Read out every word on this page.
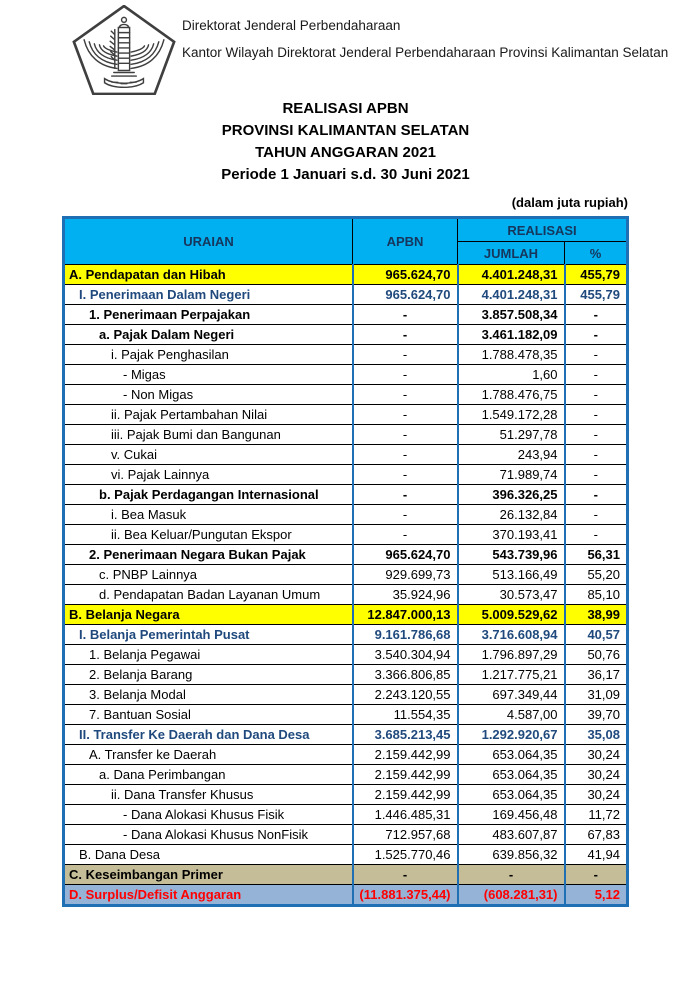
Direktorat Jenderal Perbendaharaan

Kantor Wilayah Direktorat Jenderal Perbendaharaan Provinsi Kalimantan Selatan

REALISASI APBN
PROVINSI KALIMANTAN SELATAN
TAHUN ANGGARAN 2021
Periode 1 Januari s.d. 30 Juni 2021
(dalam juta rupiah)
URAIAN	APBN	REALISASI	
		JUMLAH	%
A. Pendapatan dan Hibah	965.624,70	4.401.248,31	455,79
I. Penerimaan Dalam Negeri	965.624,70	4.401.248,31	455,79
1. Penerimaan Perpajakan	-	3.857.508,34	-
a. Pajak Dalam Negeri	-	3.461.182,09	-
i. Pajak Penghasilan	-	1.788.478,35	-
- Migas	-	1,60	-
- Non Migas	-	1.788.476,75	-
ii. Pajak Pertambahan Nilai	-	1.549.172,28	-
iii. Pajak Bumi dan Bangunan	-	51.297,78	-
v. Cukai	-	243,94	-
vi. Pajak Lainnya	-	71.989,74	-
b. Pajak Perdagangan Internasional	-	396.326,25	-
i. Bea Masuk	-	26.132,84	-
ii. Bea Keluar/Pungutan Ekspor	-	370.193,41	-
2. Penerimaan Negara Bukan Pajak	965.624,70	543.739,96	56,31
c. PNBP Lainnya	929.699,73	513.166,49	55,20
d. Pendapatan Badan Layanan Umum	35.924,96	30.573,47	85,10
B. Belanja Negara	12.847.000,13	5.009.529,62	38,99
I. Belanja Pemerintah Pusat	9.161.786,68	3.716.608,94	40,57
1. Belanja Pegawai	3.540.304,94	1.796.897,29	50,76
2. Belanja Barang	3.366.806,85	1.217.775,21	36,17
3. Belanja Modal	2.243.120,55	697.349,44	31,09
7. Bantuan Sosial	11.554,35	4.587,00	39,70
II. Transfer Ke Daerah dan Dana Desa	3.685.213,45	1.292.920,67	35,08
A. Transfer ke Daerah	2.159.442,99	653.064,35	30,24
a. Dana Perimbangan	2.159.442,99	653.064,35	30,24
ii. Dana Transfer Khusus	2.159.442,99	653.064,35	30,24
- Dana Alokasi Khusus Fisik	1.446.485,31	169.456,48	11,72
- Dana Alokasi Khusus NonFisik	712.957,68	483.607,87	67,83
B. Dana Desa	1.525.770,46	639.856,32	41,94
C. Keseimbangan Primer	-	-	-
D. Surplus/Defisit Anggaran	(11.881.375,44)	(608.281,31)	5,12
